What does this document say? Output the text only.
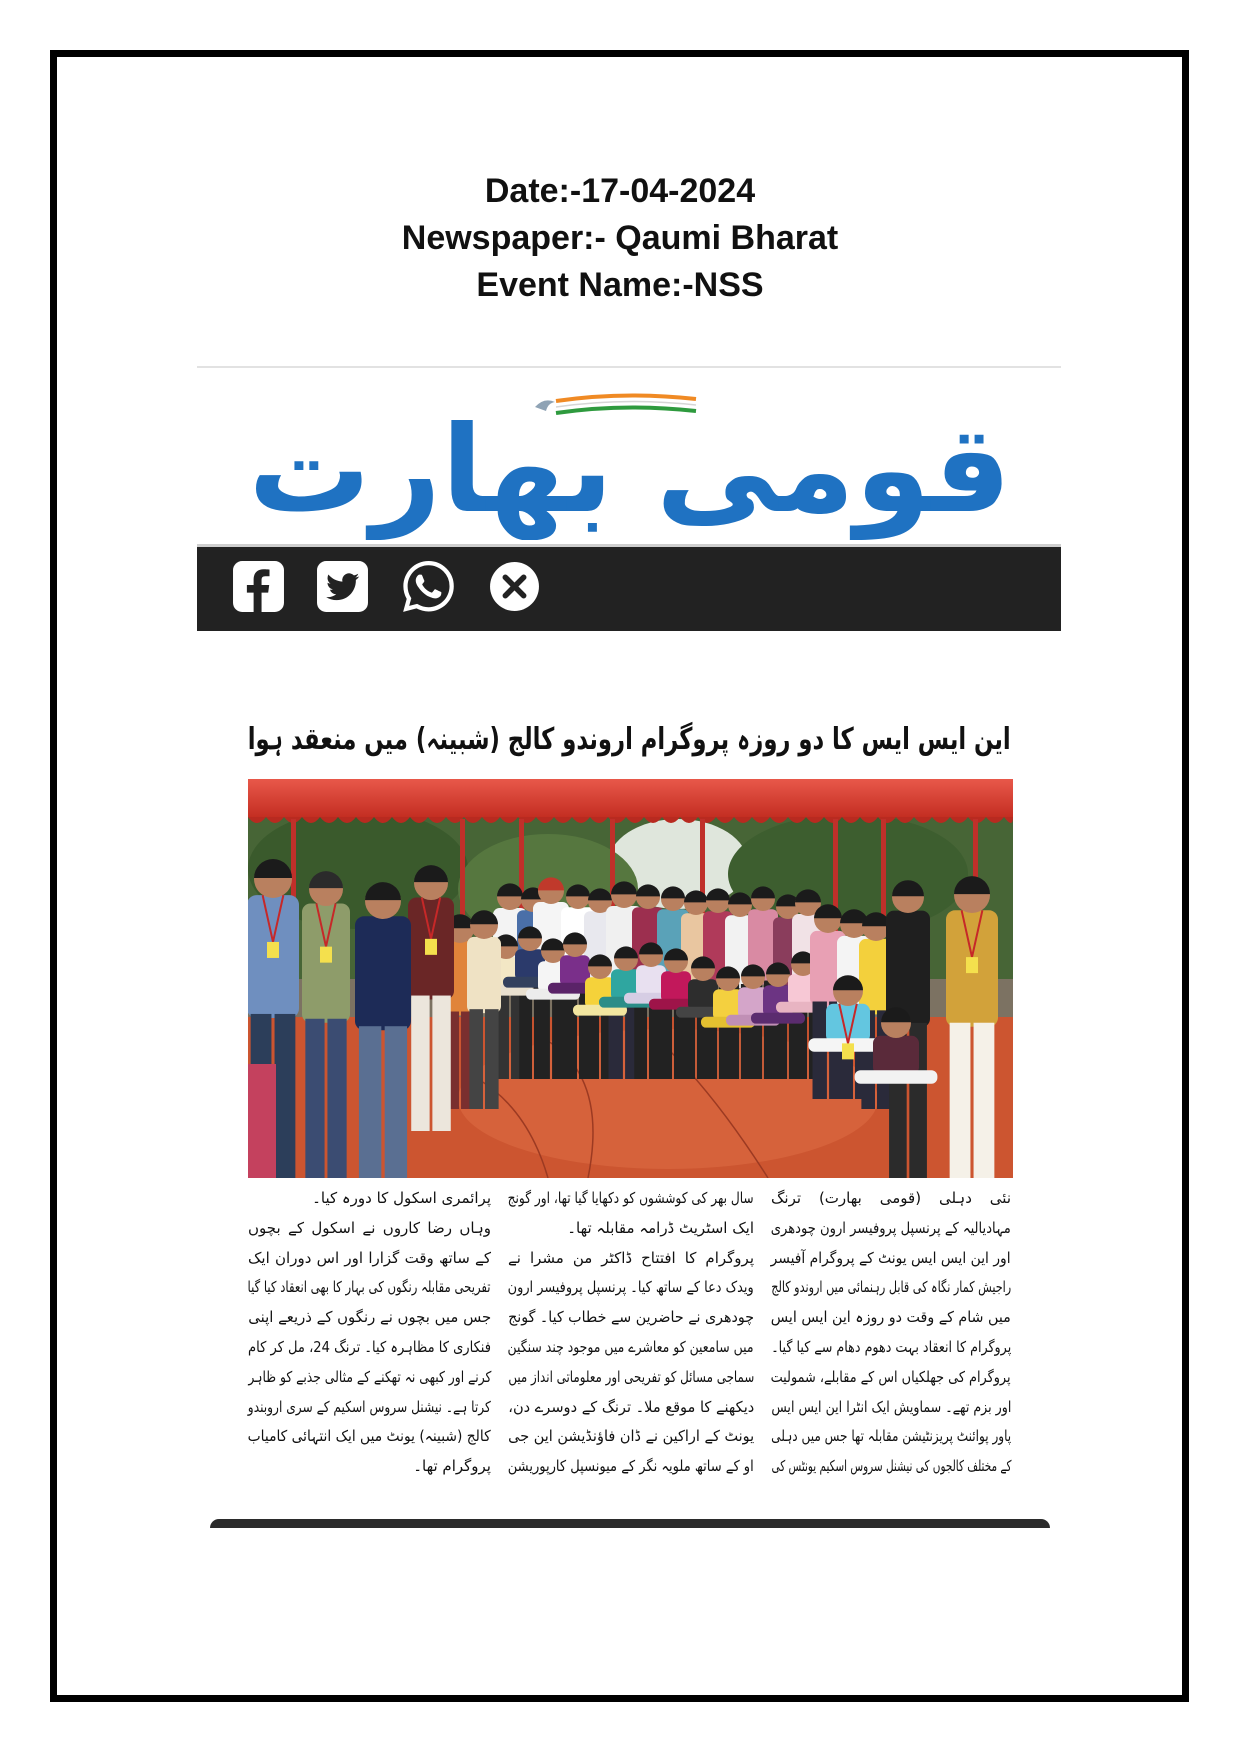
Date:-17-04-2024
Newspaper:- Qaumi Bharat
Event Name:-NSS
قومی بھارت
این ایس ایس کا دو روزہ پروگرام اروندو کالج (شبینہ) میں منعقد ہوا
نئی دہلی (قومی بھارت) ترنگ
مہادیالیہ کے پرنسپل پروفیسر ارون چودھری
اور این ایس ایس یونٹ کے پروگرام آفیسر
راجیش کمار نگاہ کی قابل رہنمائی میں اروندو کالج
میں شام کے وقت دو روزہ این ایس ایس
پروگرام کا انعقاد بہت دھوم دھام سے کیا گیا۔
پروگرام کی جھلکیاں اس کے مقابلے، شمولیت
اور بزم تھے۔ سماویش ایک انٹرا این ایس ایس
پاور پوائنٹ پریزنٹیشن مقابلہ تھا جس میں دہلی
کے مختلف کالجوں کی نیشنل سروس اسکیم یونٹس کی
سال بھر کی کوششوں کو دکھایا گیا تھا، اور گونج
ایک اسٹریٹ ڈرامہ مقابلہ تھا۔
پروگرام کا افتتاح ڈاکٹر من مشرا نے
ویدک دعا کے ساتھ کیا۔ پرنسپل پروفیسر ارون
چودھری نے حاضرین سے خطاب کیا۔ گونج
میں سامعین کو معاشرے میں موجود چند سنگین
سماجی مسائل کو تفریحی اور معلوماتی انداز میں
دیکھنے کا موقع ملا۔ ترنگ کے دوسرے دن،
یونٹ کے اراکین نے ڈان فاؤنڈیشن این جی
او کے ساتھ ملویہ نگر کے میونسپل کارپوریشن
پرائمری اسکول کا دورہ کیا۔
وہاں رضا کاروں نے اسکول کے بچوں
کے ساتھ وقت گزارا اور اس دوران ایک
تفریحی مقابلہ رنگوں کی بہار کا بھی انعقاد کیا گیا
جس میں بچوں نے رنگوں کے ذریعے اپنی
فنکاری کا مظاہرہ کیا۔ ترنگ 24، مل کر کام
کرنے اور کبھی نہ تھکنے کے مثالی جذبے کو ظاہر
کرتا ہے۔ نیشنل سروس اسکیم کے سری اروبندو
کالج (شبینہ) یونٹ میں ایک انتہائی کامیاب
پروگرام تھا۔
